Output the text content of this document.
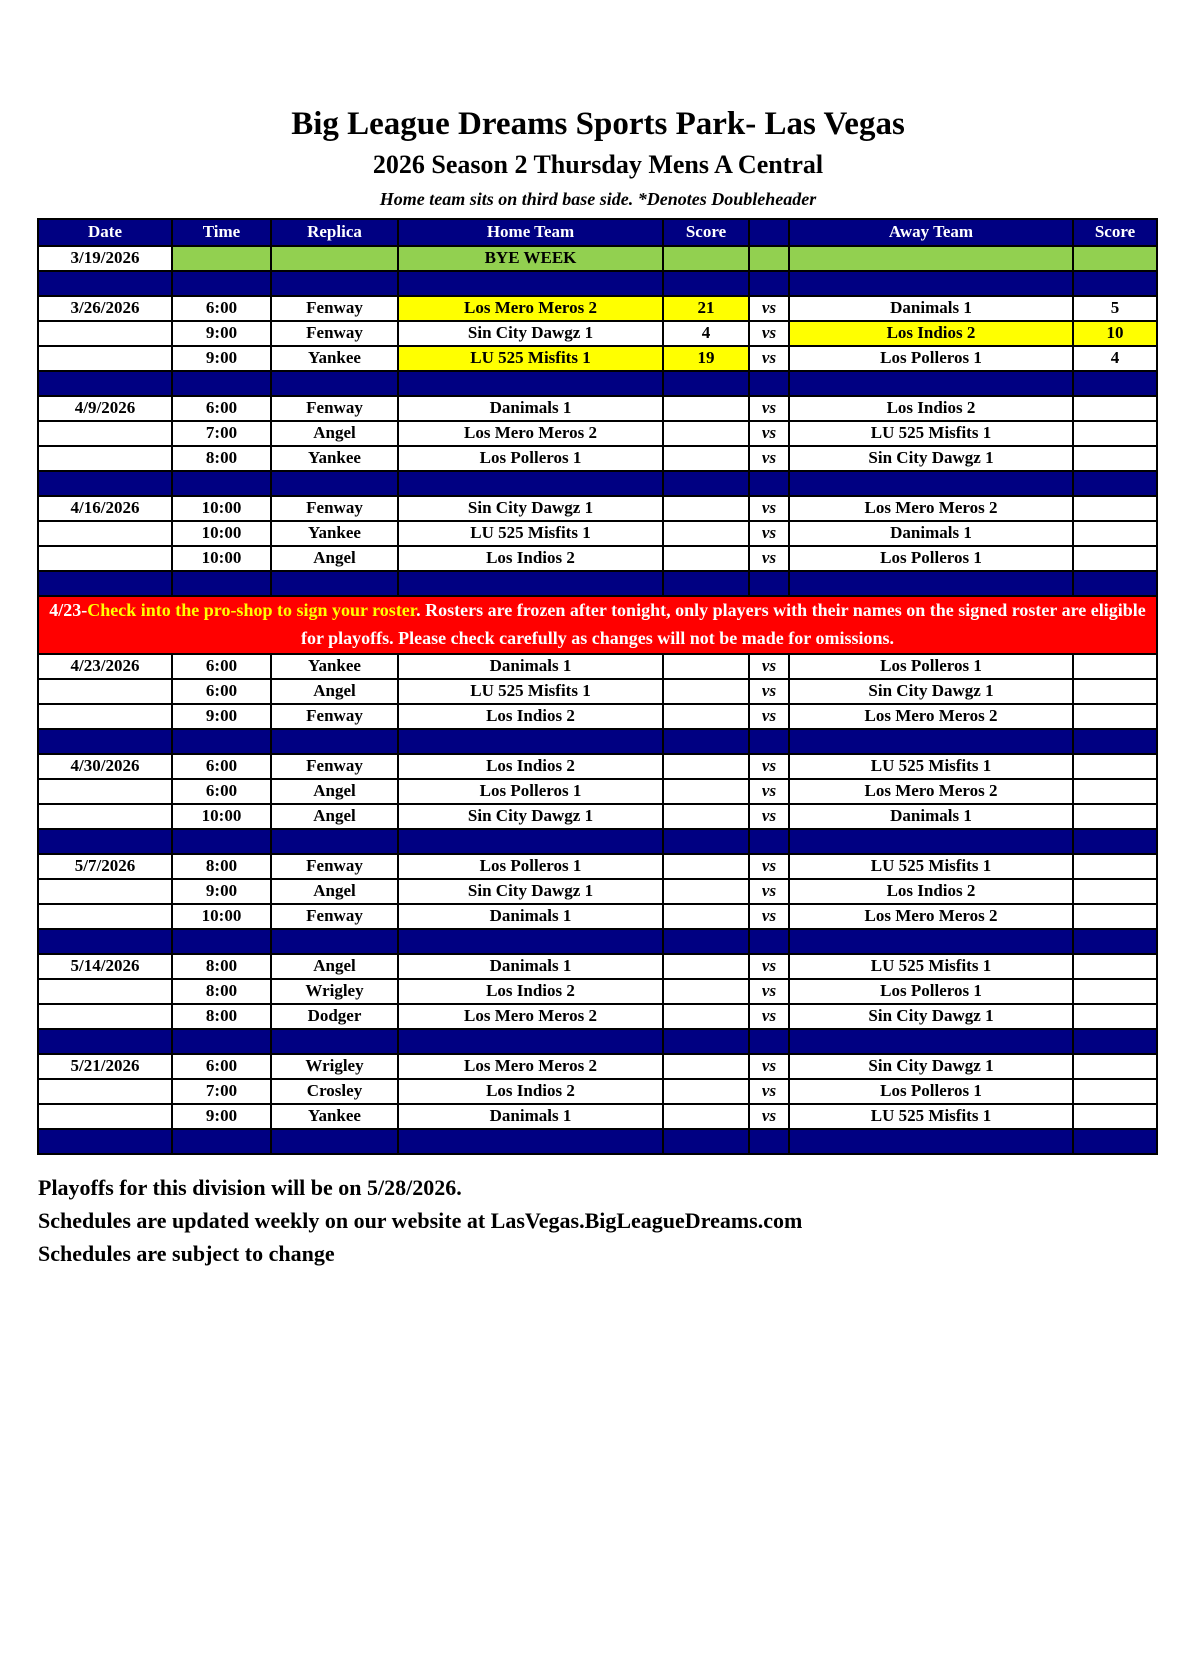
Big League Dreams Sports Park- Las Vegas
2026 Season 2 Thursday Mens A Central
Home team sits on third base side. *Denotes Doubleheader
Date	Time	Replica	Home Team	Score		Away Team	Score
3/19/2026			BYE WEEK				

3/26/2026	6:00	Fenway	Los Mero Meros 2	21	vs	Danimals 1	5
	9:00	Fenway	Sin City Dawgz 1	4	vs	Los Indios 2	10
	9:00	Yankee	LU 525 Misfits 1	19	vs	Los Polleros 1	4

4/9/2026	6:00	Fenway	Danimals 1		vs	Los Indios 2	
	7:00	Angel	Los Mero Meros 2		vs	LU 525 Misfits 1	
	8:00	Yankee	Los Polleros 1		vs	Sin City Dawgz 1	

4/16/2026	10:00	Fenway	Sin City Dawgz 1		vs	Los Mero Meros 2	
	10:00	Yankee	LU 525 Misfits 1		vs	Danimals 1	
	10:00	Angel	Los Indios 2		vs	Los Polleros 1	

4/23-Check into the pro-shop to sign your roster. Rosters are frozen after tonight, only players with their names on the signed roster are eligible for playoffs. Please check carefully as changes will not be made for omissions.							
4/23/2026	6:00	Yankee	Danimals 1		vs	Los Polleros 1	
	6:00	Angel	LU 525 Misfits 1		vs	Sin City Dawgz 1	
	9:00	Fenway	Los Indios 2		vs	Los Mero Meros 2	

4/30/2026	6:00	Fenway	Los Indios 2		vs	LU 525 Misfits 1	
	6:00	Angel	Los Polleros 1		vs	Los Mero Meros 2	
	10:00	Angel	Sin City Dawgz 1		vs	Danimals 1	

5/7/2026	8:00	Fenway	Los Polleros 1		vs	LU 525 Misfits 1	
	9:00	Angel	Sin City Dawgz 1		vs	Los Indios 2	
	10:00	Fenway	Danimals 1		vs	Los Mero Meros 2	

5/14/2026	8:00	Angel	Danimals 1		vs	LU 525 Misfits 1	
	8:00	Wrigley	Los Indios 2		vs	Los Polleros 1	
	8:00	Dodger	Los Mero Meros 2		vs	Sin City Dawgz 1	

5/21/2026	6:00	Wrigley	Los Mero Meros 2		vs	Sin City Dawgz 1	
	7:00	Crosley	Los Indios 2		vs	Los Polleros 1	
	9:00	Yankee	Danimals 1		vs	LU 525 Misfits 1	

Playoffs for this division will be on 5/28/2026.
Schedules are updated weekly on our website at LasVegas.BigLeagueDreams.com
Schedules are subject to change
